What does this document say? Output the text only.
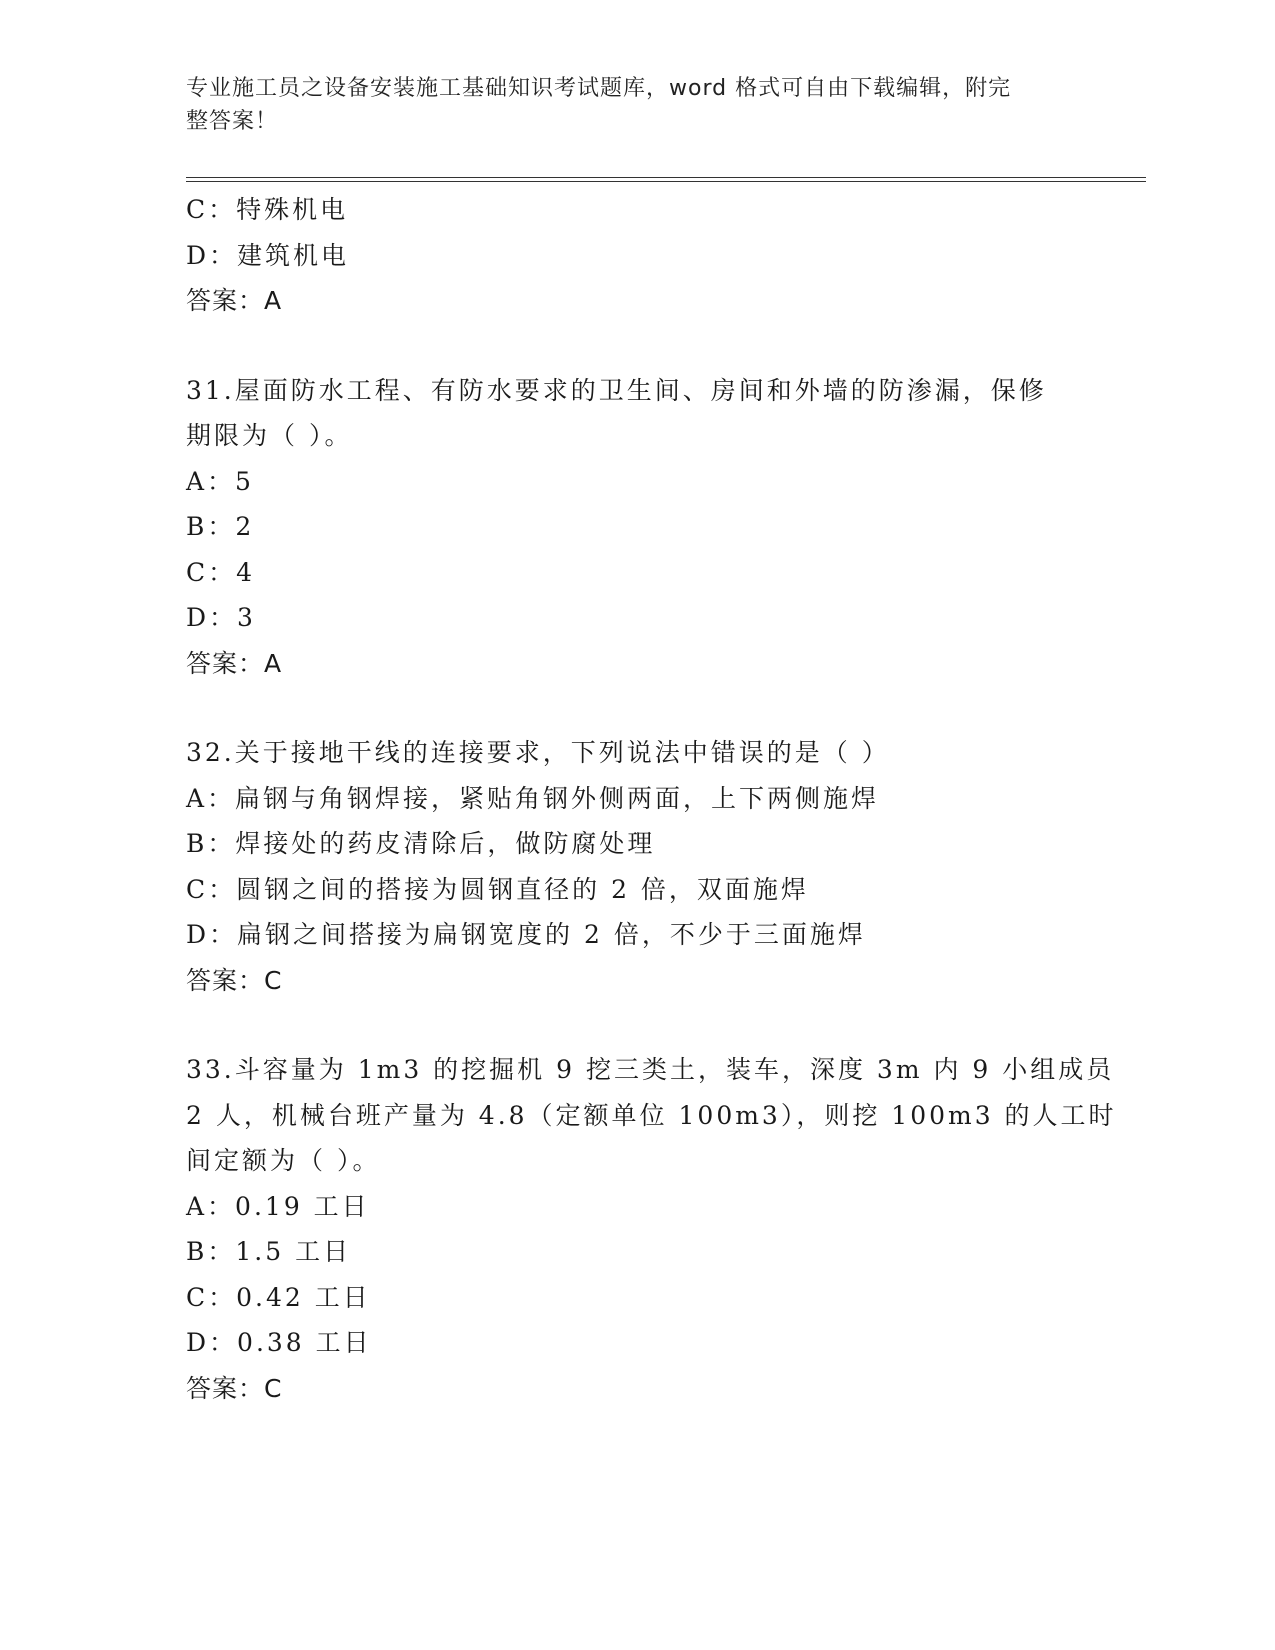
专业施工员之设备安装施工基础知识考试题库，word 格式可自由下载编辑，附完
整答案！
C：特殊机电
D：建筑机电
答案：A
31.屋面防水工程、有防水要求的卫生间、房间和外墙的防渗漏，保修
期限为（ ）。
A：5
B：2
C：4
D：3
答案：A
32.关于接地干线的连接要求，下列说法中错误的是（ ）
A：扁钢与角钢焊接，紧贴角钢外侧两面，上下两侧施焊
B：焊接处的药皮清除后，做防腐处理
C：圆钢之间的搭接为圆钢直径的 2 倍，双面施焊
D：扁钢之间搭接为扁钢宽度的 2 倍，不少于三面施焊
答案：C
33.斗容量为 1m3 的挖掘机 9 挖三类土，装车，深度 3m 内 9 小组成员
2 人，机械台班产量为 4.8（定额单位 100m3），则挖 100m3 的人工时
间定额为（ ）。
A：0.19 工日
B：1.5 工日
C：0.42 工日
D：0.38 工日
答案：C
